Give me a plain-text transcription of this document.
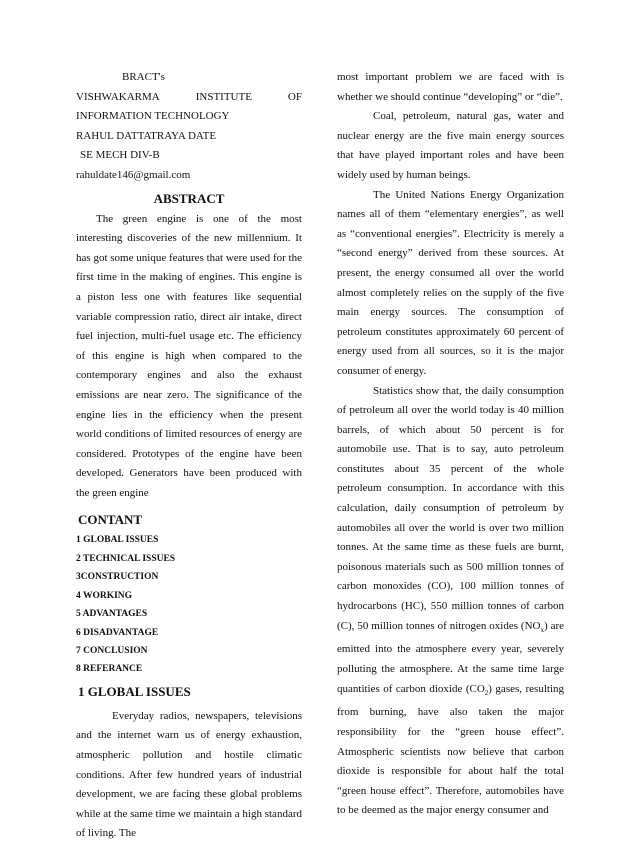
BRACT's
VISHWAKARMA	INSTITUTE	OF
INFORMATION TECHNOLOGY
RAHUL DATTATRAYA DATE
SE MECH DIV-B
rahuldate146@gmail.com
ABSTRACT

The green engine is one of the most interesting discoveries of the new millennium. It has got some unique features that were used for the first time in the making of engines. This engine is a piston less one with features like sequential variable compression ratio, direct air intake, direct fuel injection, multi-fuel usage etc. The efficiency of this engine is high when compared to the contemporary engines and also the exhaust emissions are near zero. The significance of the engine lies in the efficiency when the present world conditions of limited resources of energy are considered. Prototypes of the engine have been developed. Generators have been produced with the green engine

CONTANT
1 GLOBAL ISSUES
2 TECHNICAL ISSUES
3CONSTRUCTION
4 WORKING
5 ADVANTAGES
6 DISADVANTAGE
7 CONCLUSION
8 REFERANCE
1 GLOBAL ISSUES

Everyday radios, newspapers, televisions and the internet warn us of energy exhaustion, atmospheric pollution and hostile climatic conditions. After few hundred years of industrial development, we are facing these global problems while at the same time we maintain a high standard of living. The

most important problem we are faced with is whether we should continue “developing” or “die”.

Coal, petroleum, natural gas, water and nuclear energy are the five main energy sources that have played important roles and have been widely used by human beings.

The United Nations Energy Organization names all of them “elementary energies”, as well as “conventional energies”. Electricity is merely a “second energy” derived from these sources. At present, the energy consumed all over the world almost completely relies on the supply of the five main energy sources. The consumption of petroleum constitutes approximately 60 percent of energy used from all sources, so it is the major consumer of energy.

Statistics show that, the daily consumption of petroleum all over the world today is 40 million barrels, of which about 50 percent is for automobile use. That is to say, auto petroleum constitutes about 35 percent of the whole petroleum consumption. In accordance with this calculation, daily consumption of petroleum by automobiles all over the world is over two million tonnes. At the same time as these fuels are burnt, poisonous materials such as 500 million tonnes of carbon monoxides (CO), 100 million tonnes of hydrocarbons (HC), 550 million tonnes of carbon (C), 50 million tonnes of nitrogen oxides $(NO_x)$ are emitted into the atmosphere every year, severely polluting the atmosphere. At the same time large quantities of carbon dioxide $(CO_2)$ gases, resulting from burning, have also taken the major responsibility for the “green house effect”. Atmospheric scientists now believe that carbon dioxide is responsible for about half the total “green house effect”. Therefore, automobiles have to be deemed as the major energy consumer and
